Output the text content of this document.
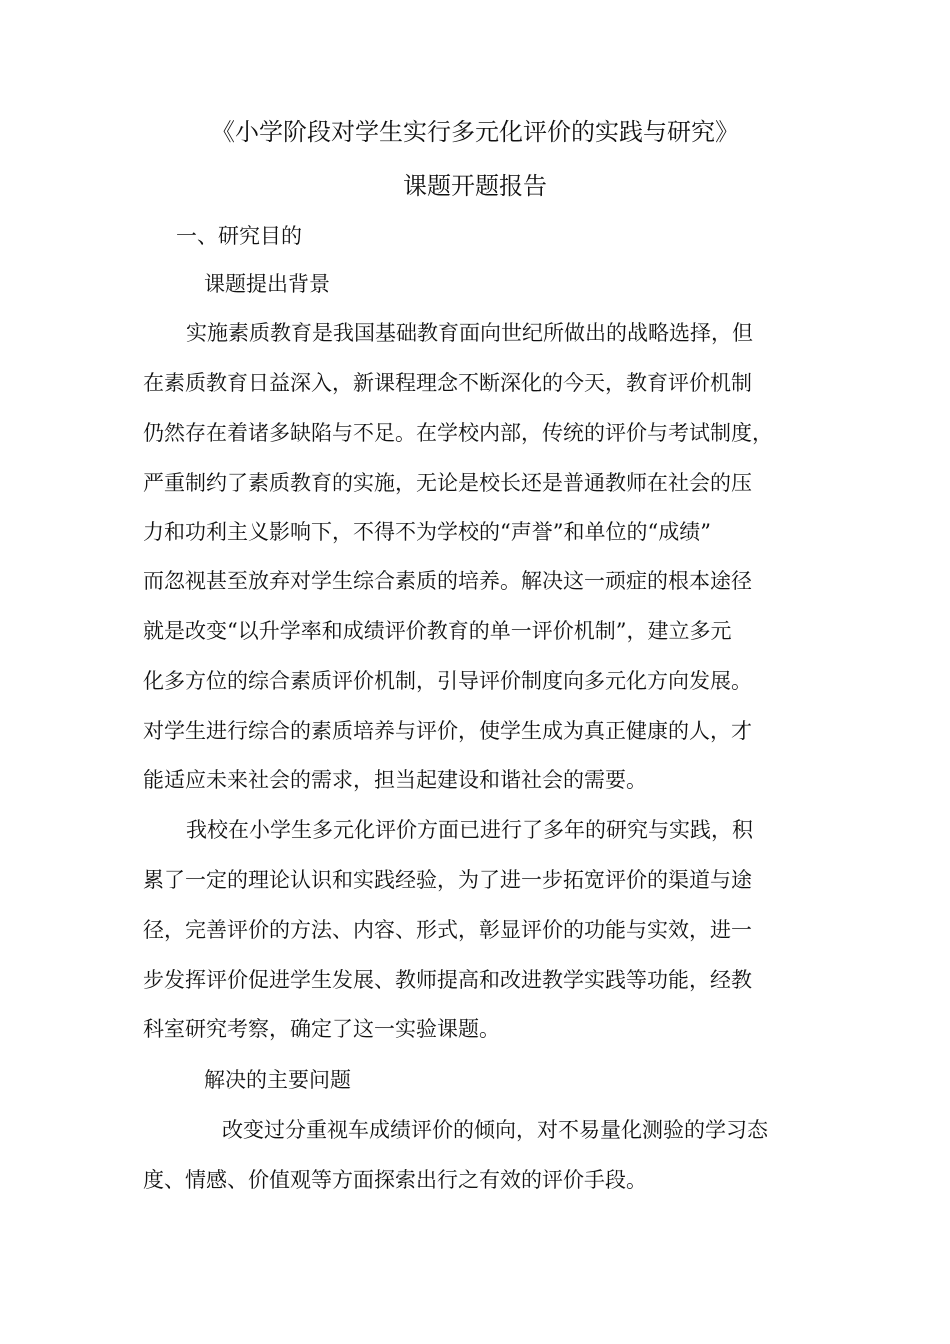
《小学阶段对学生实行多元化评价的实践与研究》
课题开题报告
一、研究目的
课题提出背景
实施素质教育是我国基础教育面向世纪所做出的战略选择，但
在素质教育日益深入，新课程理念不断深化的今天，教育评价机制
仍然存在着诸多缺陷与不足。在学校内部，传统的评价与考试制度，
严重制约了素质教育的实施，无论是校长还是普通教师在社会的压
力和功利主义影响下，不得不为学校的“声誉”和单位的“成绩”
而忽视甚至放弃对学生综合素质的培养。解决这一顽症的根本途径
就是改变“以升学率和成绩评价教育的单一评价机制”，建立多元
化多方位的综合素质评价机制，引导评价制度向多元化方向发展。
对学生进行综合的素质培养与评价，使学生成为真正健康的人，才
能适应未来社会的需求，担当起建设和谐社会的需要。
我校在小学生多元化评价方面已进行了多年的研究与实践，积
累了一定的理论认识和实践经验，为了进一步拓宽评价的渠道与途
径，完善评价的方法、内容、形式，彰显评价的功能与实效，进一
步发挥评价促进学生发展、教师提高和改进教学实践等功能，经教
科室研究考察，确定了这一实验课题。
解决的主要问题
改变过分重视车成绩评价的倾向，对不易量化测验的学习态
度、情感、价值观等方面探索出行之有效的评价手段。
